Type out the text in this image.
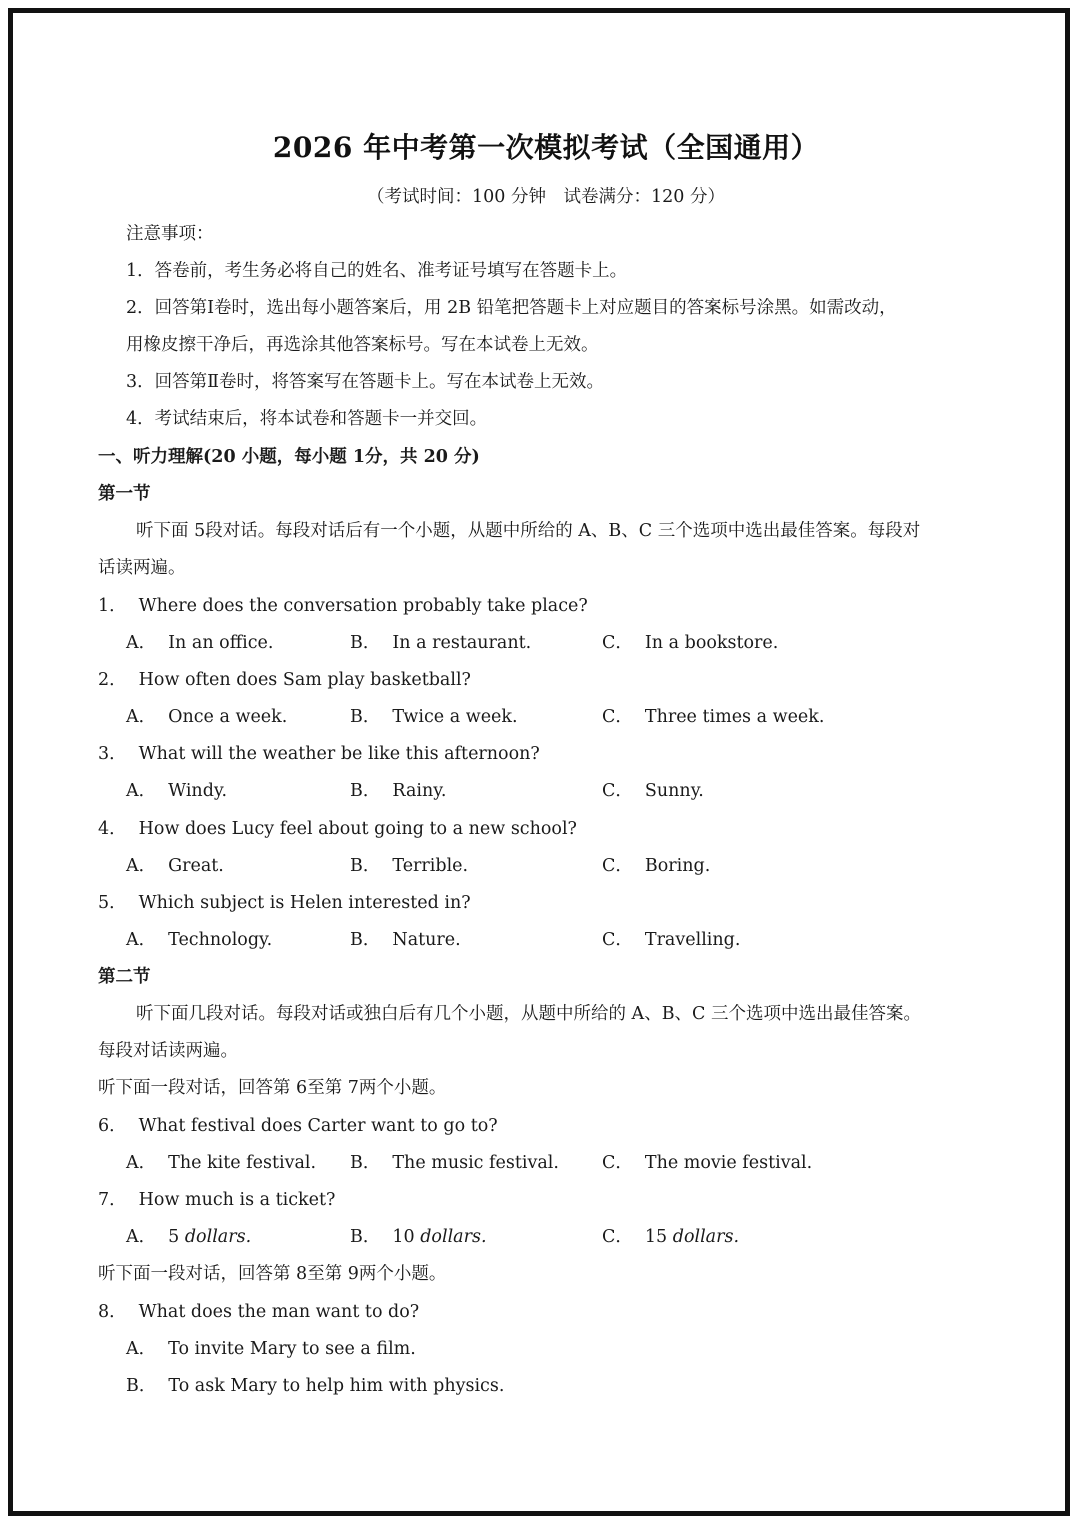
2026 年中考第一次模拟考试（全国通用）
（考试时间：100 分钟　试卷满分：120 分）
注意事项：
1．答卷前，考生务必将自己的姓名、准考证号填写在答题卡上。
2．回答第Ⅰ卷时，选出每小题答案后，用 2B 铅笔把答题卡上对应题目的答案标号涂黑。如需改动，
用橡皮擦干净后，再选涂其他答案标号。写在本试卷上无效。
3．回答第Ⅱ卷时，将答案写在答题卡上。写在本试卷上无效。
4．考试结束后，将本试卷和答题卡一并交回。
一、听力理解(20 小题，每小题 1分，共 20 分)
第一节
听下面 5段对话。每段对话后有一个小题，从题中所给的 A、B、C 三个选项中选出最佳答案。每段对
话读两遍。
1． Where does the conversation probably take place?
A． In an office.	B． In a restaurant.	C． In a bookstore.
2． How often does Sam play basketball?
A． Once a week.	B． Twice a week.	C． Three times a week.
3． What will the weather be like this afternoon?
A． Windy.	B． Rainy.	C． Sunny.
4． How does Lucy feel about going to a new school?
A． Great.	B． Terrible.	C． Boring.
5． Which subject is Helen interested in?
A． Technology.	B． Nature.	C． Travelling.
第二节
听下面几段对话。每段对话或独白后有几个小题，从题中所给的 A、B、C 三个选项中选出最佳答案。
每段对话读两遍。
听下面一段对话，回答第 6至第 7两个小题。
6． What festival does Carter want to go to?
A． The kite festival. B． The music festival. C． The movie festival.
7． How much is a ticket?
A． 5 dollars.	B． 10 dollars.	C． 15 dollars.
听下面一段对话，回答第 8至第 9两个小题。
8． What does the man want to do?
A． To invite Mary to see a film.
B． To ask Mary to help him with physics.
